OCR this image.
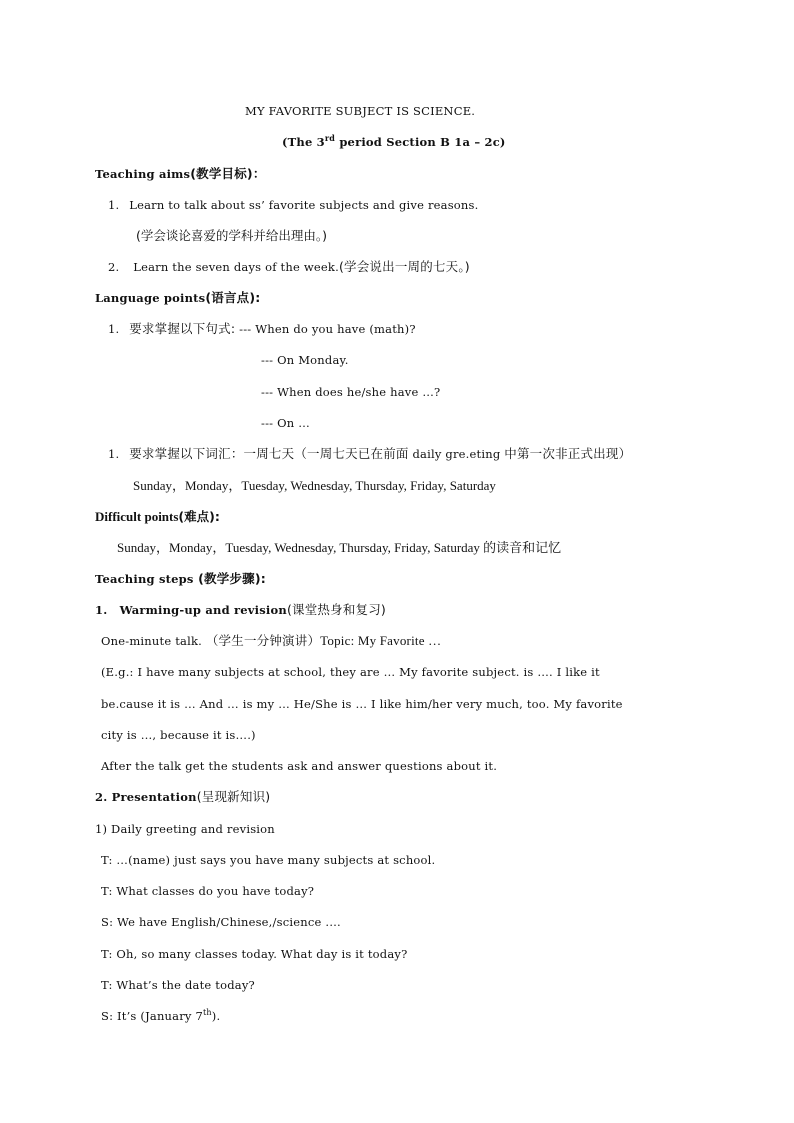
MY FAVORITE SUBJECT IS SCIENCE.
(The 3rd period Section B 1a – 2c)
Teaching aims(教学目标)：
1. Learn to talk about ss’ favorite subjects and give reasons.
(学会谈论喜爱的学科并给出理由。)
2. Learn the seven days of the week.(学会说出一周的七天。)
Language points(语言点):
1. 要求掌握以下句式: --- When do you have (math)?
--- On Monday.
--- When does he/she have …?
--- On …
1. 要求掌握以下词汇：一周七天（一周七天已在前面 daily gre.eting 中第一次非正式出现）
Sunday，Monday，Tuesday, Wednesday, Thursday, Friday, Saturday
Difficult points(难点):
Sunday，Monday，Tuesday, Wednesday, Thursday, Friday, Saturday 的读音和记忆
Teaching steps (教学步骤):
1. Warming-up and revision(课堂热身和复习)
One-minute talk. （学生一分钟演讲）Topic: My Favorite …
(E.g.: I have many subjects at school, they are … My favorite subject. is …. I like it
be.cause it is … And … is my … He/She is … I like him/her very much, too. My favorite
city is …, because it is….)
After the talk get the students ask and answer questions about it.
2. Presentation(呈现新知识)
1) Daily greeting and revision
T: …(name) just says you have many subjects at school.
T: What classes do you have today?
S: We have English/Chinese,/science .…
T: Oh, so many classes today. What day is it today?
T: What’s the date today?
S: It’s (January 7th).
